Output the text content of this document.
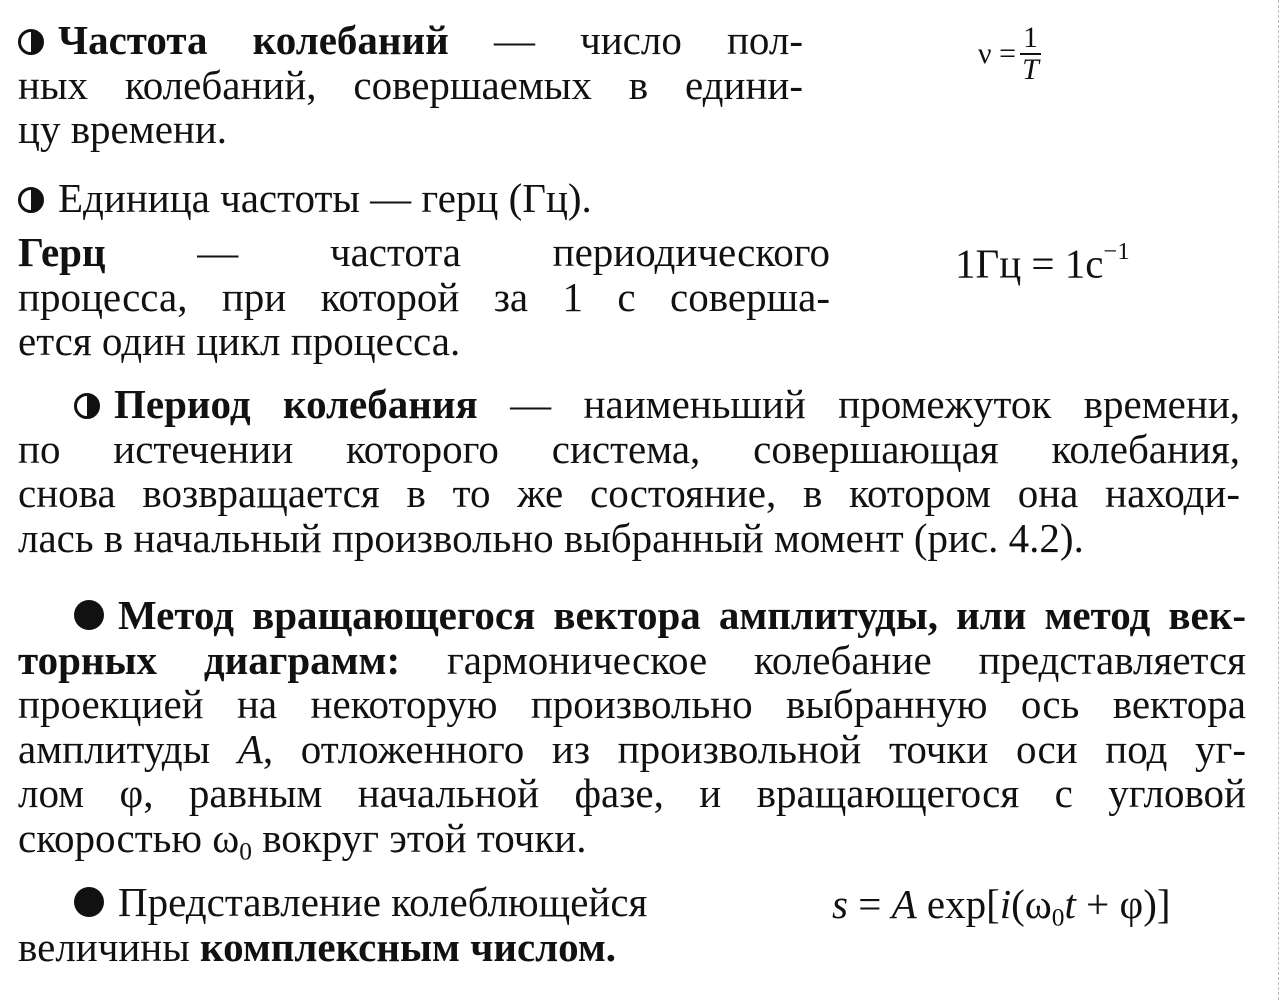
Частота колебаний — число пол-
ных колебаний, совершаемых в едини-
цу времени.
$\nu = \frac{1}{T}$
Единица частоты — герц (Гц).
Герц — частота периодического
процесса, при которой за 1 с соверша-
ется один цикл процесса.
$1Гц = 1с^{-1}$
Период колебания — наименьший промежуток времени,
по истечении которого система, совершающая колебания,
снова возвращается в то же состояние, в котором она находи-
лась в начальный произвольно выбранный момент (рис. 4.2).
Метод вращающегося вектора амплитуды, или метод век-
торных диаграмм: гармоническое колебание представляется
проекцией на некоторую произвольно выбранную ось вектора
амплитуды A, отложенного из произвольной точки оси под уг-
лом φ, равным начальной фазе, и вращающегося с угловой
скоростью $\omega_0$ вокруг этой точки.
Представление колеблющейся
величины комплексным числом.
s = A $\exp[i(\omega_0t + \varphi)]$
